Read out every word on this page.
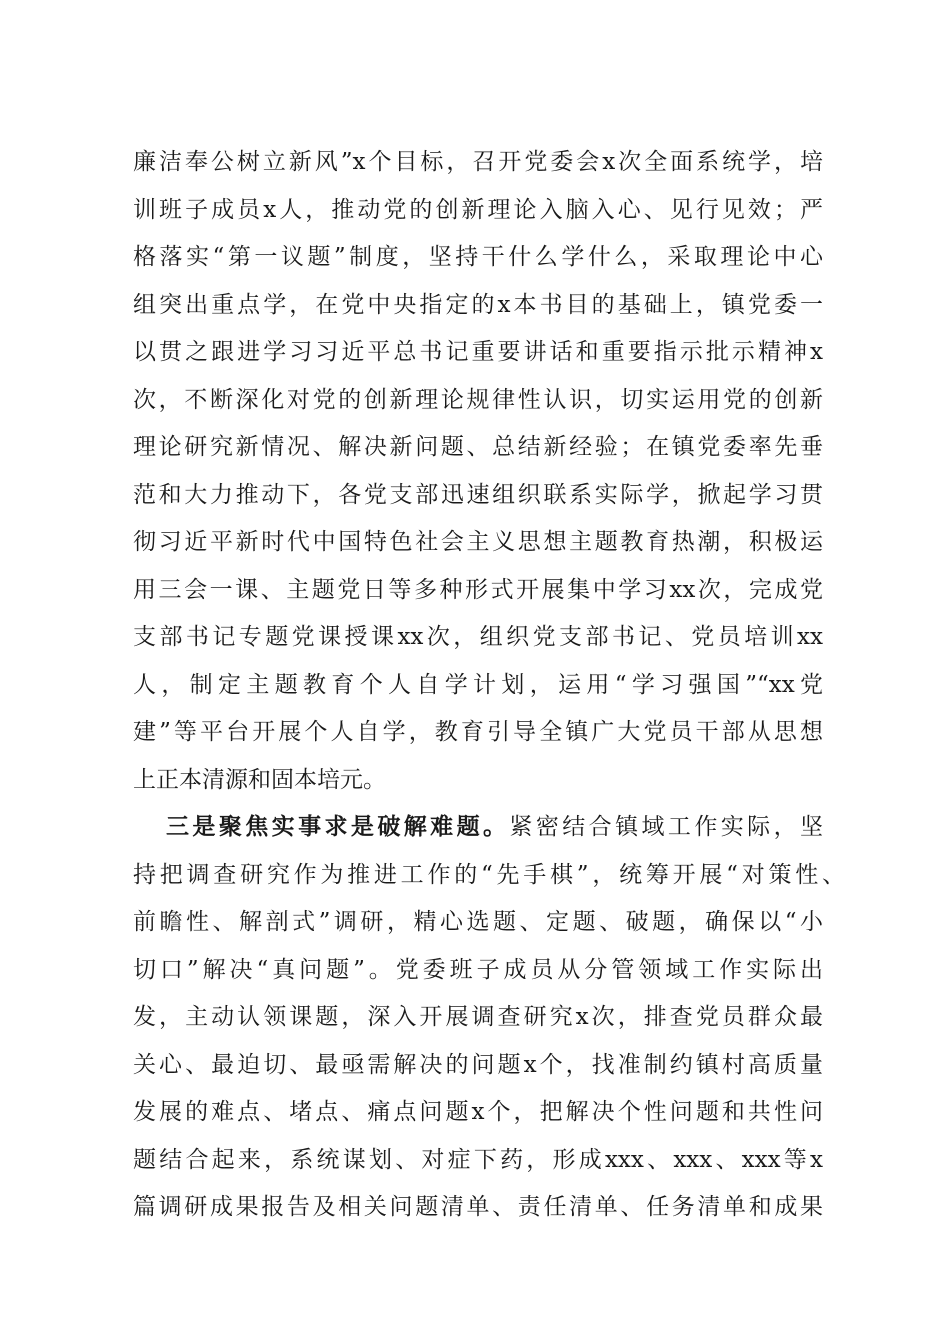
廉洁奉公树立新风”x个目标，召开党委会x次全面系统学，培
训班子成员x人，推动党的创新理论入脑入心、见行见效；严
格落实“第一议题”制度，坚持干什么学什么，采取理论中心
组突出重点学，在党中央指定的x本书目的基础上，镇党委一
以贯之跟进学习习近平总书记重要讲话和重要指示批示精神x
次，不断深化对党的创新理论规律性认识，切实运用党的创新
理论研究新情况、解决新问题、总结新经验；在镇党委率先垂
范和大力推动下，各党支部迅速组织联系实际学，掀起学习贯
彻习近平新时代中国特色社会主义思想主题教育热潮，积极运
用三会一课、主题党日等多种形式开展集中学习xx次，完成党
支部书记专题党课授课xx次，组织党支部书记、党员培训xx
人，制定主题教育个人自学计划，运用“学习强国”“xx党
建”等平台开展个人自学，教育引导全镇广大党员干部从思想
上正本清源和固本培元。
三是聚焦实事求是破解难题。紧密结合镇域工作实际，坚
持把调查研究作为推进工作的“先手棋”，统筹开展“对策性、
前瞻性、解剖式”调研，精心选题、定题、破题，确保以“小
切口”解决“真问题”。党委班子成员从分管领域工作实际出
发，主动认领课题，深入开展调查研究x次，排查党员群众最
关心、最迫切、最亟需解决的问题x个，找准制约镇村高质量
发展的难点、堵点、痛点问题x个，把解决个性问题和共性问
题结合起来，系统谋划、对症下药，形成xxx、xxx、xxx等x
篇调研成果报告及相关问题清单、责任清单、任务清单和成果
